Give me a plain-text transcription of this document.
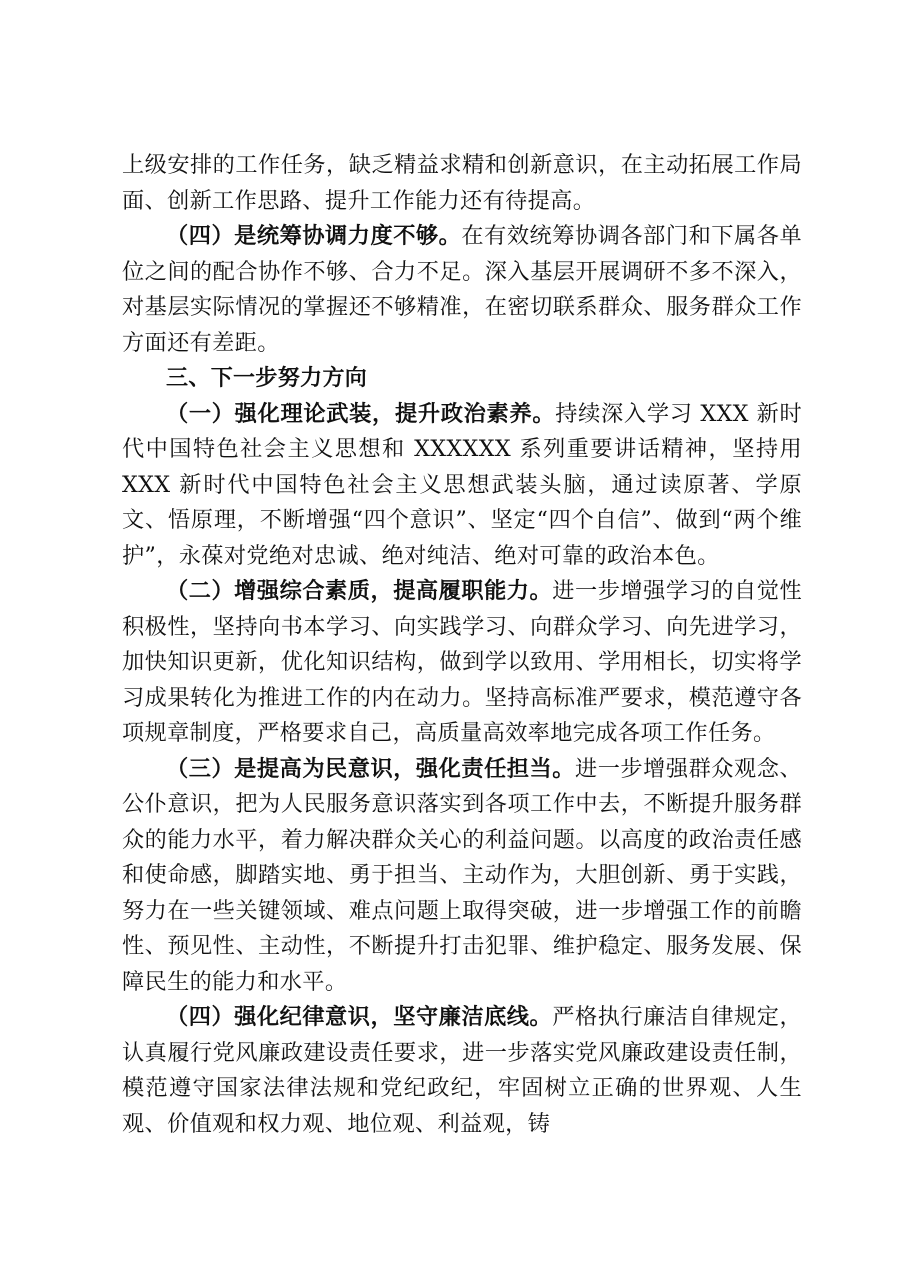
上级安排的工作任务，缺乏精益求精和创新意识，在主动拓展工作局面、创新工作思路、提升工作能力还有待提高。

（四）是统筹协调力度不够。在有效统筹协调各部门和下属各单位之间的配合协作不够、合力不足。深入基层开展调研不多不深入，对基层实际情况的掌握还不够精准，在密切联系群众、服务群众工作方面还有差距。

三、下一步努力方向

（一）强化理论武装，提升政治素养。持续深入学习 XXX 新时代中国特色社会主义思想和 XXXXXX 系列重要讲话精神，坚持用 XXX 新时代中国特色社会主义思想武装头脑，通过读原著、学原文、悟原理，不断增强“四个意识”、坚定“四个自信”、做到“两个维护”，永葆对党绝对忠诚、绝对纯洁、绝对可靠的政治本色。

（二）增强综合素质，提高履职能力。进一步增强学习的自觉性积极性，坚持向书本学习、向实践学习、向群众学习、向先进学习，加快知识更新，优化知识结构，做到学以致用、学用相长，切实将学习成果转化为推进工作的内在动力。坚持高标准严要求，模范遵守各项规章制度，严格要求自己，高质量高效率地完成各项工作任务。

（三）是提高为民意识，强化责任担当。进一步增强群众观念、公仆意识，把为人民服务意识落实到各项工作中去，不断提升服务群众的能力水平，着力解决群众关心的利益问题。以高度的政治责任感和使命感，脚踏实地、勇于担当、主动作为，大胆创新、勇于实践，努力在一些关键领域、难点问题上取得突破，进一步增强工作的前瞻性、预见性、主动性，不断提升打击犯罪、维护稳定、服务发展、保障民生的能力和水平。

（四）强化纪律意识，坚守廉洁底线。严格执行廉洁自律规定，认真履行党风廉政建设责任要求，进一步落实党风廉政建设责任制，模范遵守国家法律法规和党纪政纪，牢固树立正确的世界观、人生观、价值观和权力观、地位观、利益观，铸
